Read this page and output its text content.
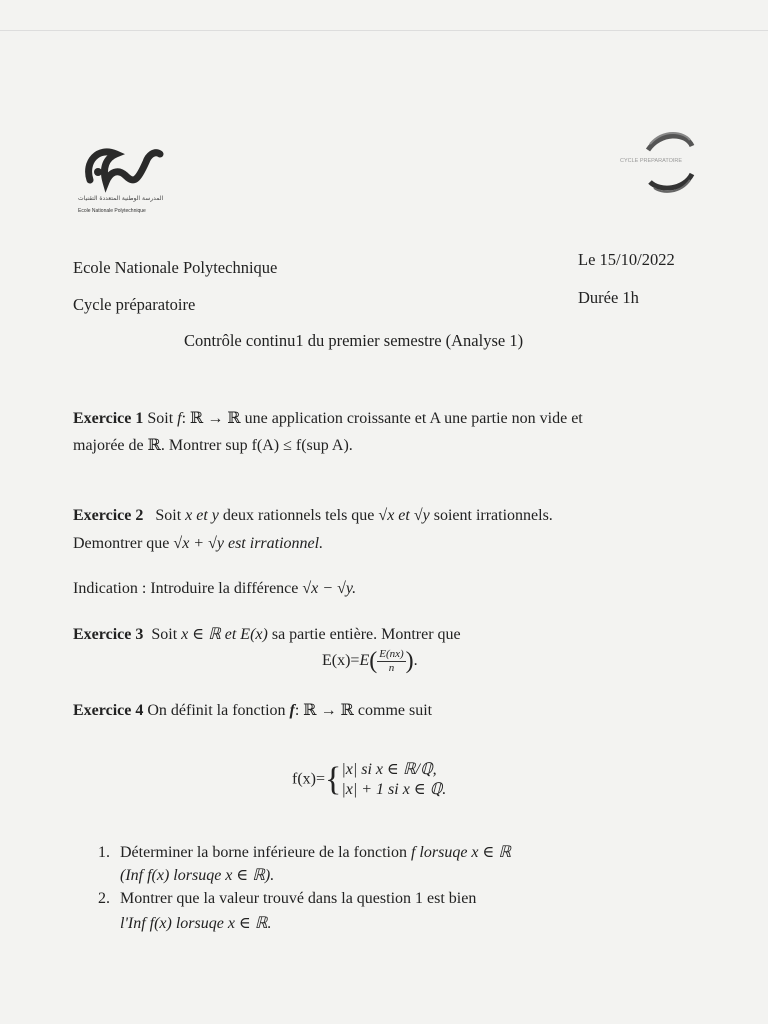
المدرسة الوطنية المتعددة التقنيات
Ecole Nationale Polytechnique
CYCLE PREPARATOIRE
Ecole Nationale Polytechnique
Cycle préparatoire
Le 15/10/2022
Durée 1h
Contrôle continu1 du premier semestre (Analyse 1)
Exercice 1 Soit f: ℝ → ℝ une application croissante et A une partie non vide et
majorée de ℝ. Montrer sup f(A) ≤ f(sup A).
Exercice 2 Soit x et y deux rationnels tels que √x et √y soient irrationnels.
Demontrer que √x + √y est irrationnel.
Indication : Introduire la différence √x − √y.
Exercice 3 Soit x ∈ ℝ et E(x) sa partie entière. Montrer que
$E(x)=E( \frac{E(nx)}{n}$ ).
Exercice 4 On définit la fonction f: ℝ → ℝ comme suit
f(x)={ |x| si x ∈ ℝ/ℚ,
|x| + 1 si x ∈ ℚ.
1. Déterminer la borne inférieure de la fonction f lorsuqe x ∈ ℝ
(Inf f(x) lorsuqe x ∈ ℝ).
2. Montrer que la valeur trouvé dans la question 1 est bien
l'Inf f(x) lorsuqe x ∈ ℝ.
